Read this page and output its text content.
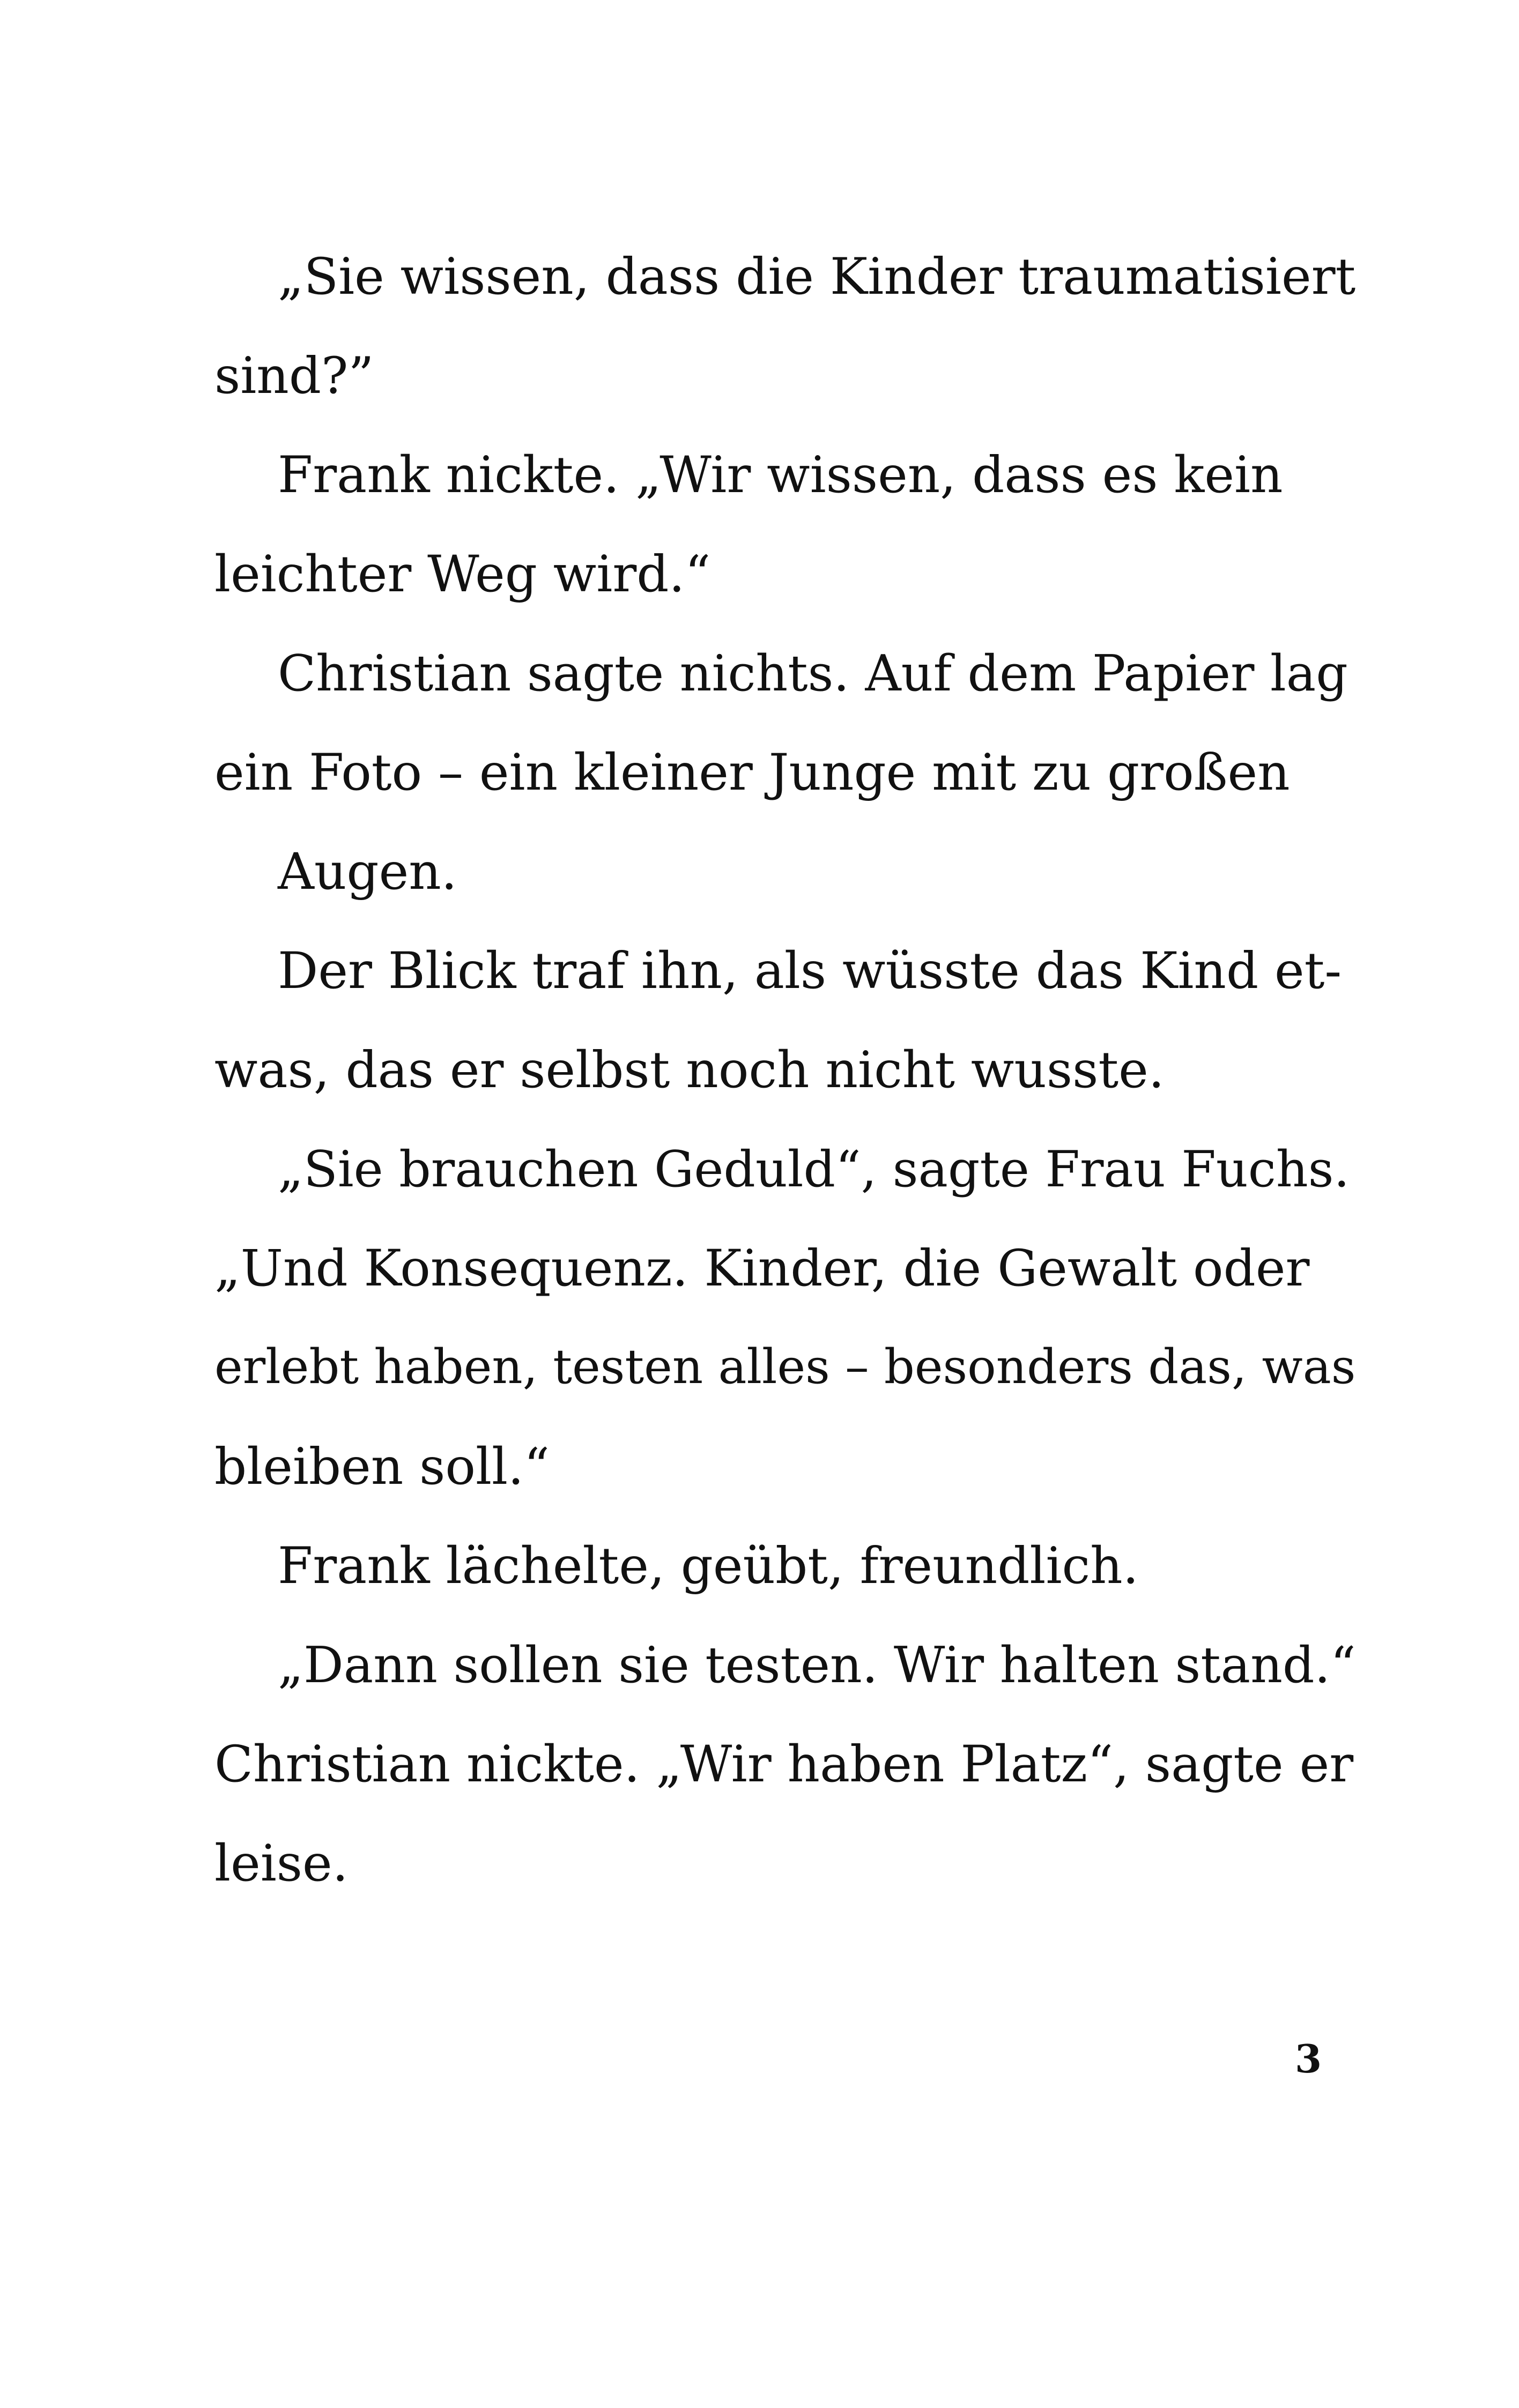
„Sie wissen, dass die Kinder traumatisiert
sind?”
Frank nickte. „Wir wissen, dass es kein
leichter Weg wird.“
Christian sagte nichts. Auf dem Papier lag
ein Foto – ein kleiner Junge mit zu großen
Augen.
Der Blick traf ihn, als wüsste das Kind et-
was, das er selbst noch nicht wusste.
„Sie brauchen Geduld“, sagte Frau Fuchs.
„Und Konsequenz. Kinder, die Gewalt oder
erlebt haben, testen alles – besonders das, was
bleiben soll.“
Frank lächelte, geübt, freundlich.
„Dann sollen sie testen. Wir halten stand.“
Christian nickte. „Wir haben Platz“, sagte er
leise.
3
